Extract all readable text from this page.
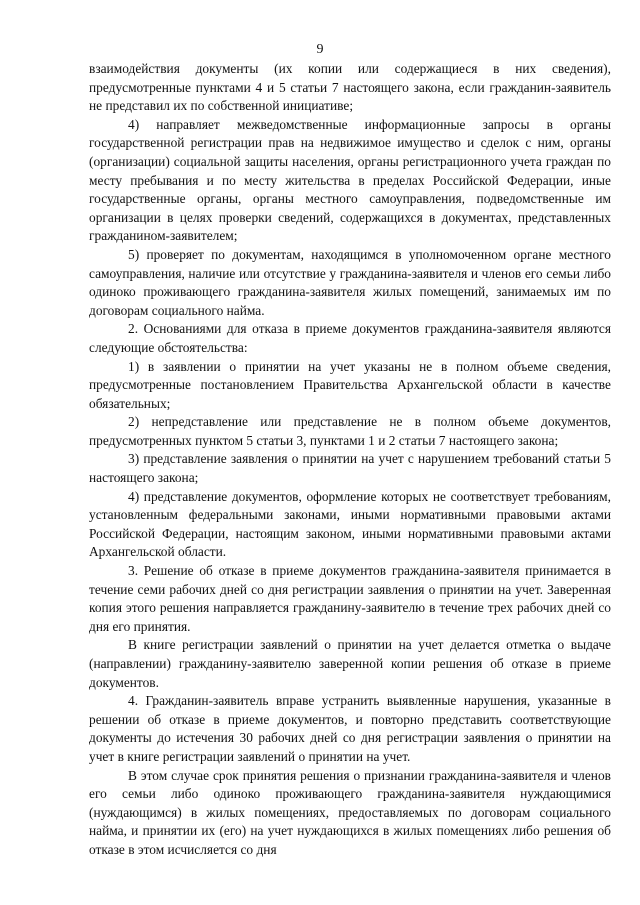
9

взаимодействия документы (их копии или содержащиеся в них сведения), предусмотренные пунктами 4 и 5 статьи 7 настоящего закона, если гражданин-заявитель не представил их по собственной инициативе;

4) направляет межведомственные информационные запросы в органы государственной регистрации прав на недвижимое имущество и сделок с ним, органы (организации) социальной защиты населения, органы регистрационного учета граждан по месту пребывания и по месту жительства в пределах Российской Федерации, иные государственные органы, органы местного самоуправления, подведомственные им организации в целях проверки сведений, содержащихся в документах, представленных гражданином-заявителем;

5) проверяет по документам, находящимся в уполномоченном органе местного самоуправления, наличие или отсутствие у гражданина-заявителя и членов его семьи либо одиноко проживающего гражданина-заявителя жилых помещений, занимаемых им по договорам социального найма.

2. Основаниями для отказа в приеме документов гражданина-заявителя являются следующие обстоятельства:

1) в заявлении о принятии на учет указаны не в полном объеме сведения, предусмотренные постановлением Правительства Архангельской области в качестве обязательных;

2) непредставление или представление не в полном объеме документов, предусмотренных пунктом 5 статьи 3, пунктами 1 и 2 статьи 7 настоящего закона;

3) представление заявления о принятии на учет с нарушением требований статьи 5 настоящего закона;

4) представление документов, оформление которых не соответствует требованиям, установленным федеральными законами, иными нормативными правовыми актами Российской Федерации, настоящим законом, иными нормативными правовыми актами Архангельской области.

3. Решение об отказе в приеме документов гражданина-заявителя принимается в течение семи рабочих дней со дня регистрации заявления о принятии на учет. Заверенная копия этого решения направляется гражданину-заявителю в течение трех рабочих дней со дня его принятия.

В книге регистрации заявлений о принятии на учет делается отметка о выдаче (направлении) гражданину-заявителю заверенной копии решения об отказе в приеме документов.

4. Гражданин-заявитель вправе устранить выявленные нарушения, указанные в решении об отказе в приеме документов, и повторно представить соответствующие документы до истечения 30 рабочих дней со дня регистрации заявления о принятии на учет в книге регистрации заявлений о принятии на учет.

В этом случае срок принятия решения о признании гражданина-заявителя и членов его семьи либо одиноко проживающего гражданина-заявителя нуждающимися (нуждающимся) в жилых помещениях, предоставляемых по договорам социального найма, и принятии их (его) на учет нуждающихся в жилых помещениях либо решения об отказе в этом исчисляется со дня
